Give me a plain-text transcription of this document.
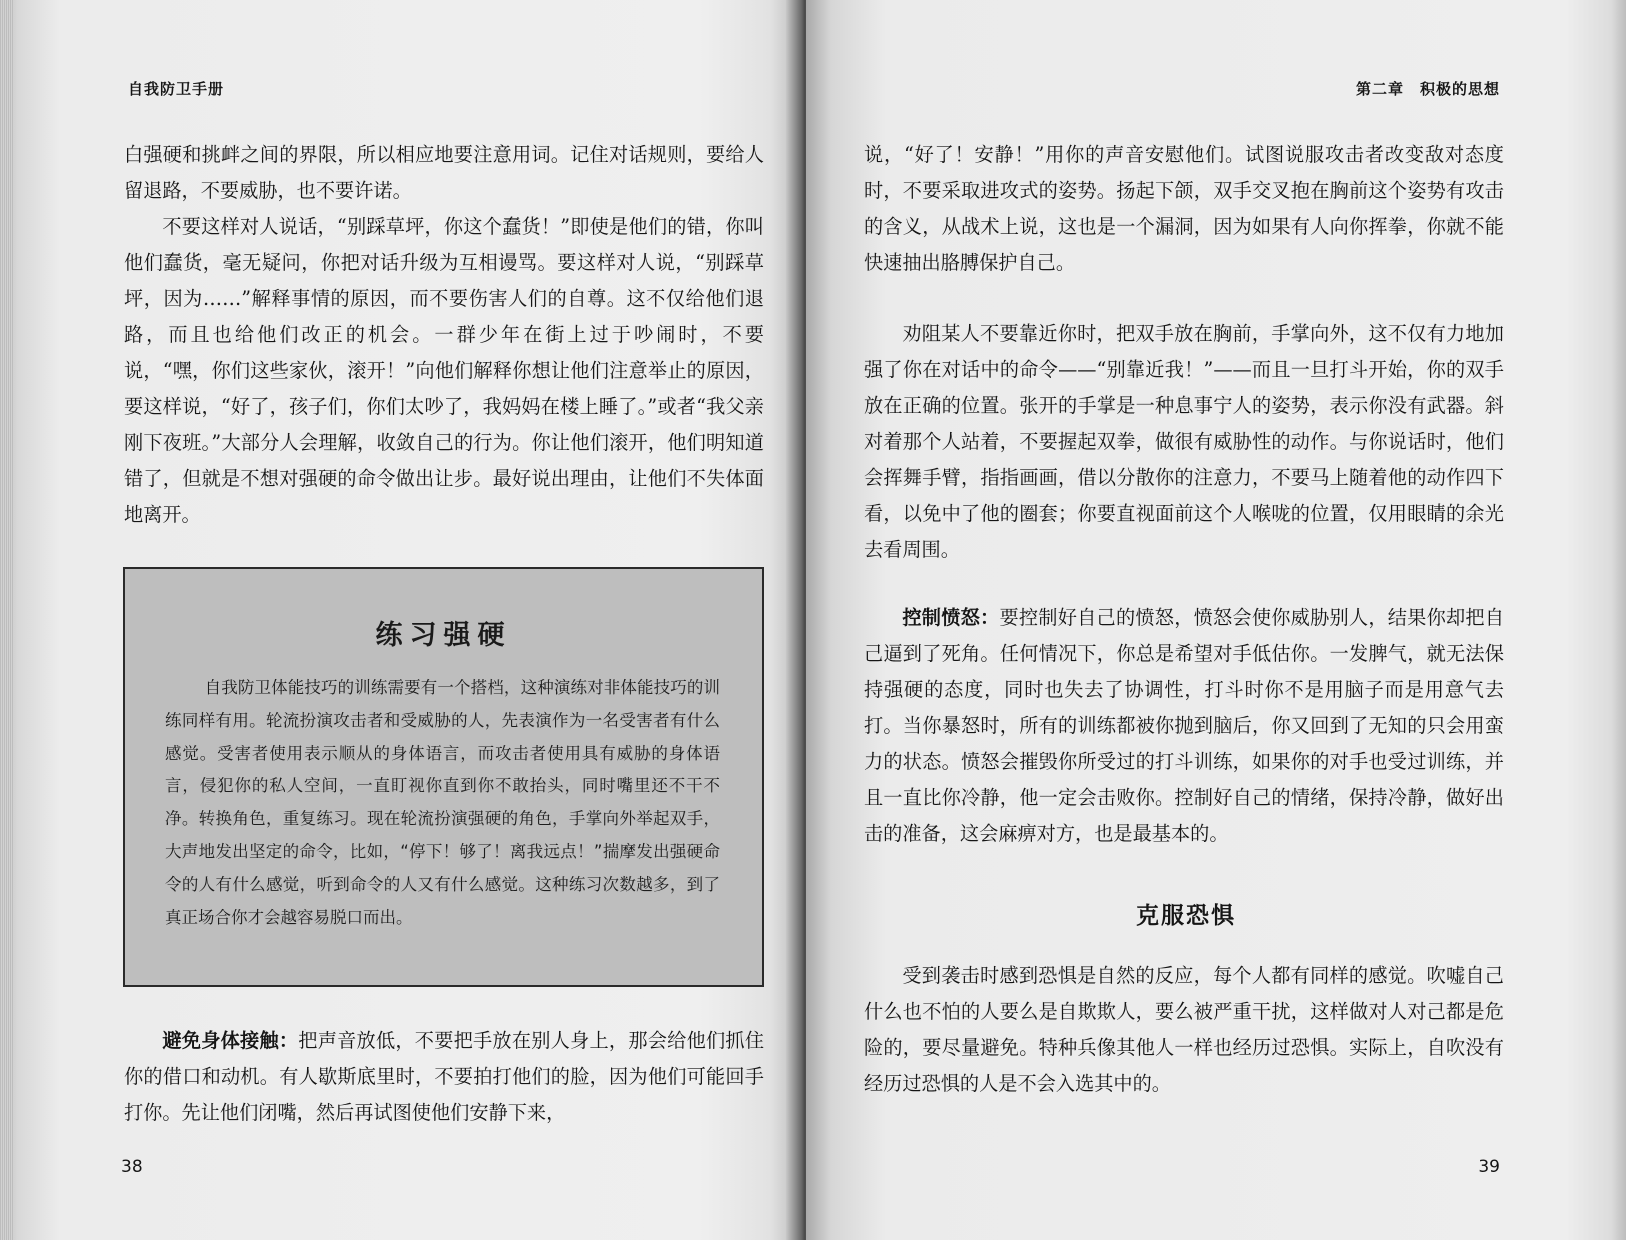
自我防卫手册

白强硬和挑衅之间的界限，所以相应地要注意用词。记住对话规则，要给人留退路，不要威胁，也不要许诺。

不要这样对人说话，“别踩草坪，你这个蠢货！”即使是他们的错，你叫他们蠢货，毫无疑问，你把对话升级为互相谩骂。要这样对人说，“别踩草坪，因为……”解释事情的原因，而不要伤害人们的自尊。这不仅给他们退路，而且也给他们改正的机会。一群少年在街上过于吵闹时，不要说，“嘿，你们这些家伙，滚开！”向他们解释你想让他们注意举止的原因，要这样说，“好了，孩子们，你们太吵了，我妈妈在楼上睡了。”或者“我父亲刚下夜班。”大部分人会理解，收敛自己的行为。你让他们滚开，他们明知道错了，但就是不想对强硬的命令做出让步。最好说出理由，让他们不失体面地离开。

练习强硬

自我防卫体能技巧的训练需要有一个搭档，这种演练对非体能技巧的训练同样有用。轮流扮演攻击者和受威胁的人，先表演作为一名受害者有什么感觉。受害者使用表示顺从的身体语言，而攻击者使用具有威胁的身体语言，侵犯你的私人空间，一直盯视你直到你不敢抬头，同时嘴里还不干不净。转换角色，重复练习。现在轮流扮演强硬的角色，手掌向外举起双手，大声地发出坚定的命令，比如，“停下！够了！离我远点！”揣摩发出强硬命令的人有什么感觉，听到命令的人又有什么感觉。这种练习次数越多，到了真正场合你才会越容易脱口而出。

避免身体接触：把声音放低，不要把手放在别人身上，那会给他们抓住你的借口和动机。有人歇斯底里时，不要拍打他们的脸，因为他们可能回手打你。先让他们闭嘴，然后再试图使他们安静下来，

38
第二章　积极的思想

说，“好了！安静！”用你的声音安慰他们。试图说服攻击者改变敌对态度时，不要采取进攻式的姿势。扬起下颌，双手交叉抱在胸前这个姿势有攻击的含义，从战术上说，这也是一个漏洞，因为如果有人向你挥拳，你就不能快速抽出胳膊保护自己。

劝阻某人不要靠近你时，把双手放在胸前，手掌向外，这不仅有力地加强了你在对话中的命令——“别靠近我！”——而且一旦打斗开始，你的双手放在正确的位置。张开的手掌是一种息事宁人的姿势，表示你没有武器。斜对着那个人站着，不要握起双拳，做很有威胁性的动作。与你说话时，他们会挥舞手臂，指指画画，借以分散你的注意力，不要马上随着他的动作四下看，以免中了他的圈套；你要直视面前这个人喉咙的位置，仅用眼睛的余光去看周围。

控制愤怒：要控制好自己的愤怒，愤怒会使你威胁别人，结果你却把自己逼到了死角。任何情况下，你总是希望对手低估你。一发脾气，就无法保持强硬的态度，同时也失去了协调性，打斗时你不是用脑子而是用意气去打。当你暴怒时，所有的训练都被你抛到脑后，你又回到了无知的只会用蛮力的状态。愤怒会摧毁你所受过的打斗训练，如果你的对手也受过训练，并且一直比你冷静，他一定会击败你。控制好自己的情绪，保持冷静，做好出击的准备，这会麻痹对方，也是最基本的。

克服恐惧

受到袭击时感到恐惧是自然的反应，每个人都有同样的感觉。吹嘘自己什么也不怕的人要么是自欺欺人，要么被严重干扰，这样做对人对己都是危险的，要尽量避免。特种兵像其他人一样也经历过恐惧。实际上，自吹没有经历过恐惧的人是不会入选其中的。

39
